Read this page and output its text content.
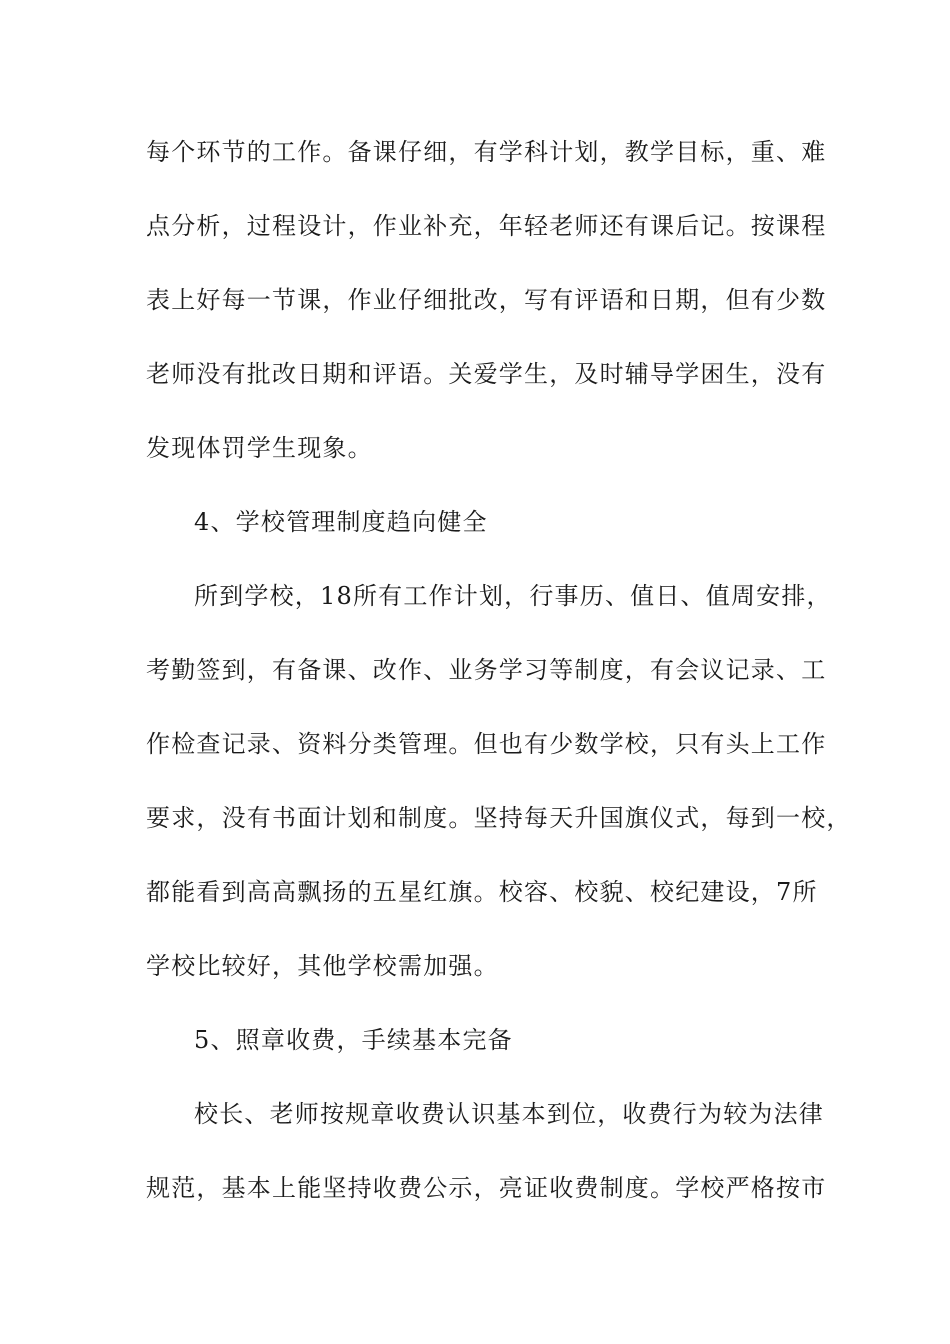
每个环节的工作。备课仔细，有学科计划，教学目标，重、难
点分析，过程设计，作业补充，年轻老师还有课后记。按课程
表上好每一节课，作业仔细批改，写有评语和日期，但有少数
老师没有批改日期和评语。关爱学生，及时辅导学困生，没有
发现体罚学生现象。
4、学校管理制度趋向健全
所到学校，18所有工作计划，行事历、值日、值周安排，
考勤签到，有备课、改作、业务学习等制度，有会议记录、工
作检查记录、资料分类管理。但也有少数学校，只有头上工作
要求，没有书面计划和制度。坚持每天升国旗仪式，每到一校，
都能看到高高飘扬的五星红旗。校容、校貌、校纪建设，7所
学校比较好，其他学校需加强。
5、照章收费，手续基本完备
校长、老师按规章收费认识基本到位，收费行为较为法律
规范，基本上能坚持收费公示，亮证收费制度。学校严格按市
